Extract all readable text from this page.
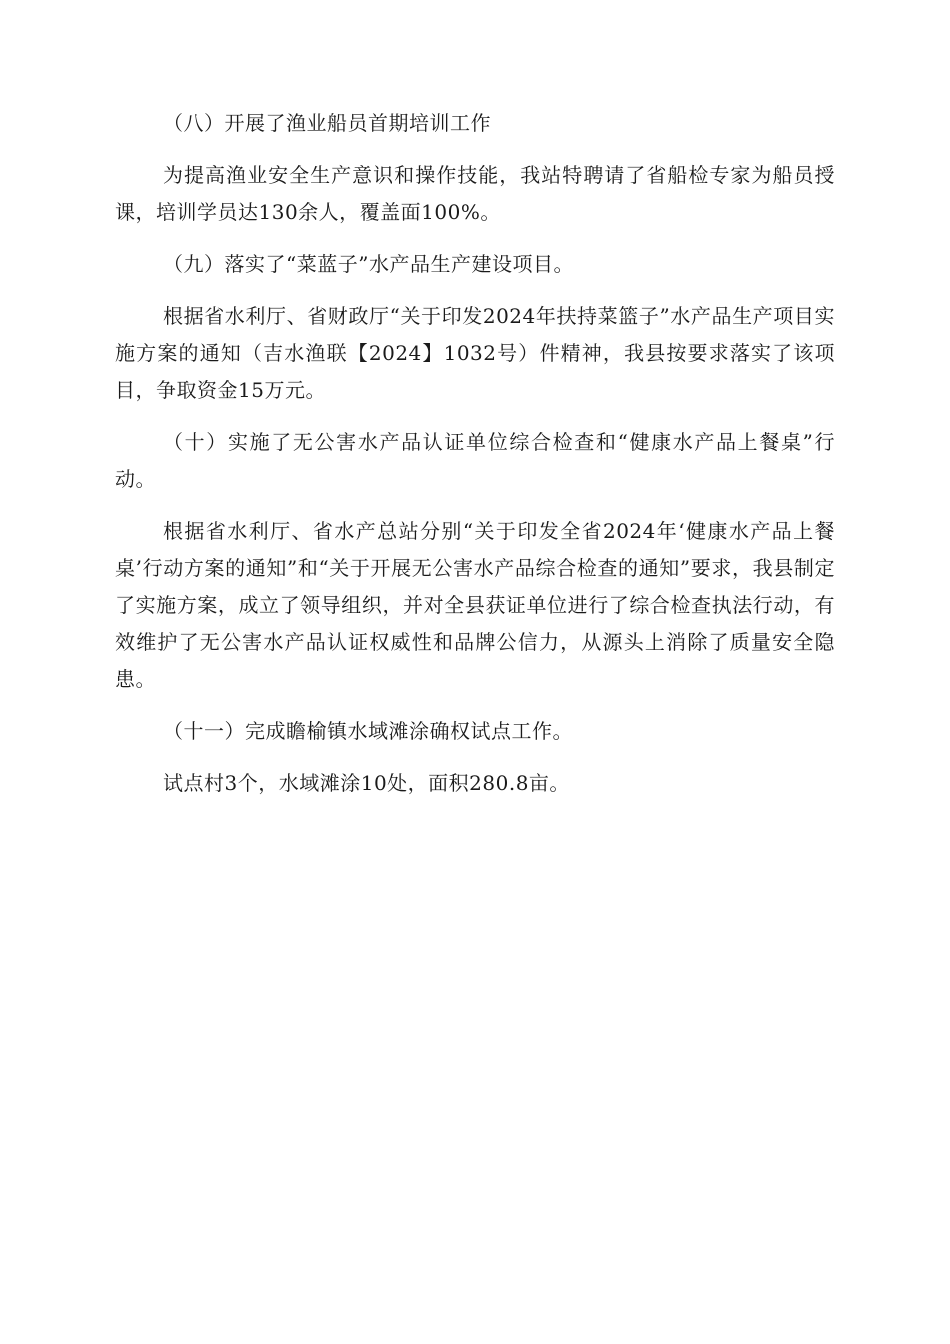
（八）开展了渔业船员首期培训工作

为提高渔业安全生产意识和操作技能，我站特聘请了省船检专家为船员授课，培训学员达130余人，覆盖面100%。

（九）落实了“菜蓝子”水产品生产建设项目。

根据省水利厅、省财政厅“关于印发2024年扶持菜篮子”水产品生产项目实施方案的通知（吉水渔联【2024】1032号）件精神，我县按要求落实了该项目，争取资金15万元。

（十）实施了无公害水产品认证单位综合检查和“健康水产品上餐桌”行动。

根据省水利厅、省水产总站分别“关于印发全省2024年‘健康水产品上餐桌’行动方案的通知”和“关于开展无公害水产品综合检查的通知”要求，我县制定了实施方案，成立了领导组织，并对全县获证单位进行了综合检查执法行动，有效维护了无公害水产品认证权威性和品牌公信力，从源头上消除了质量安全隐患。

（十一）完成瞻榆镇水域滩涂确权试点工作。

试点村3个，水域滩涂10处，面积280.8亩。
